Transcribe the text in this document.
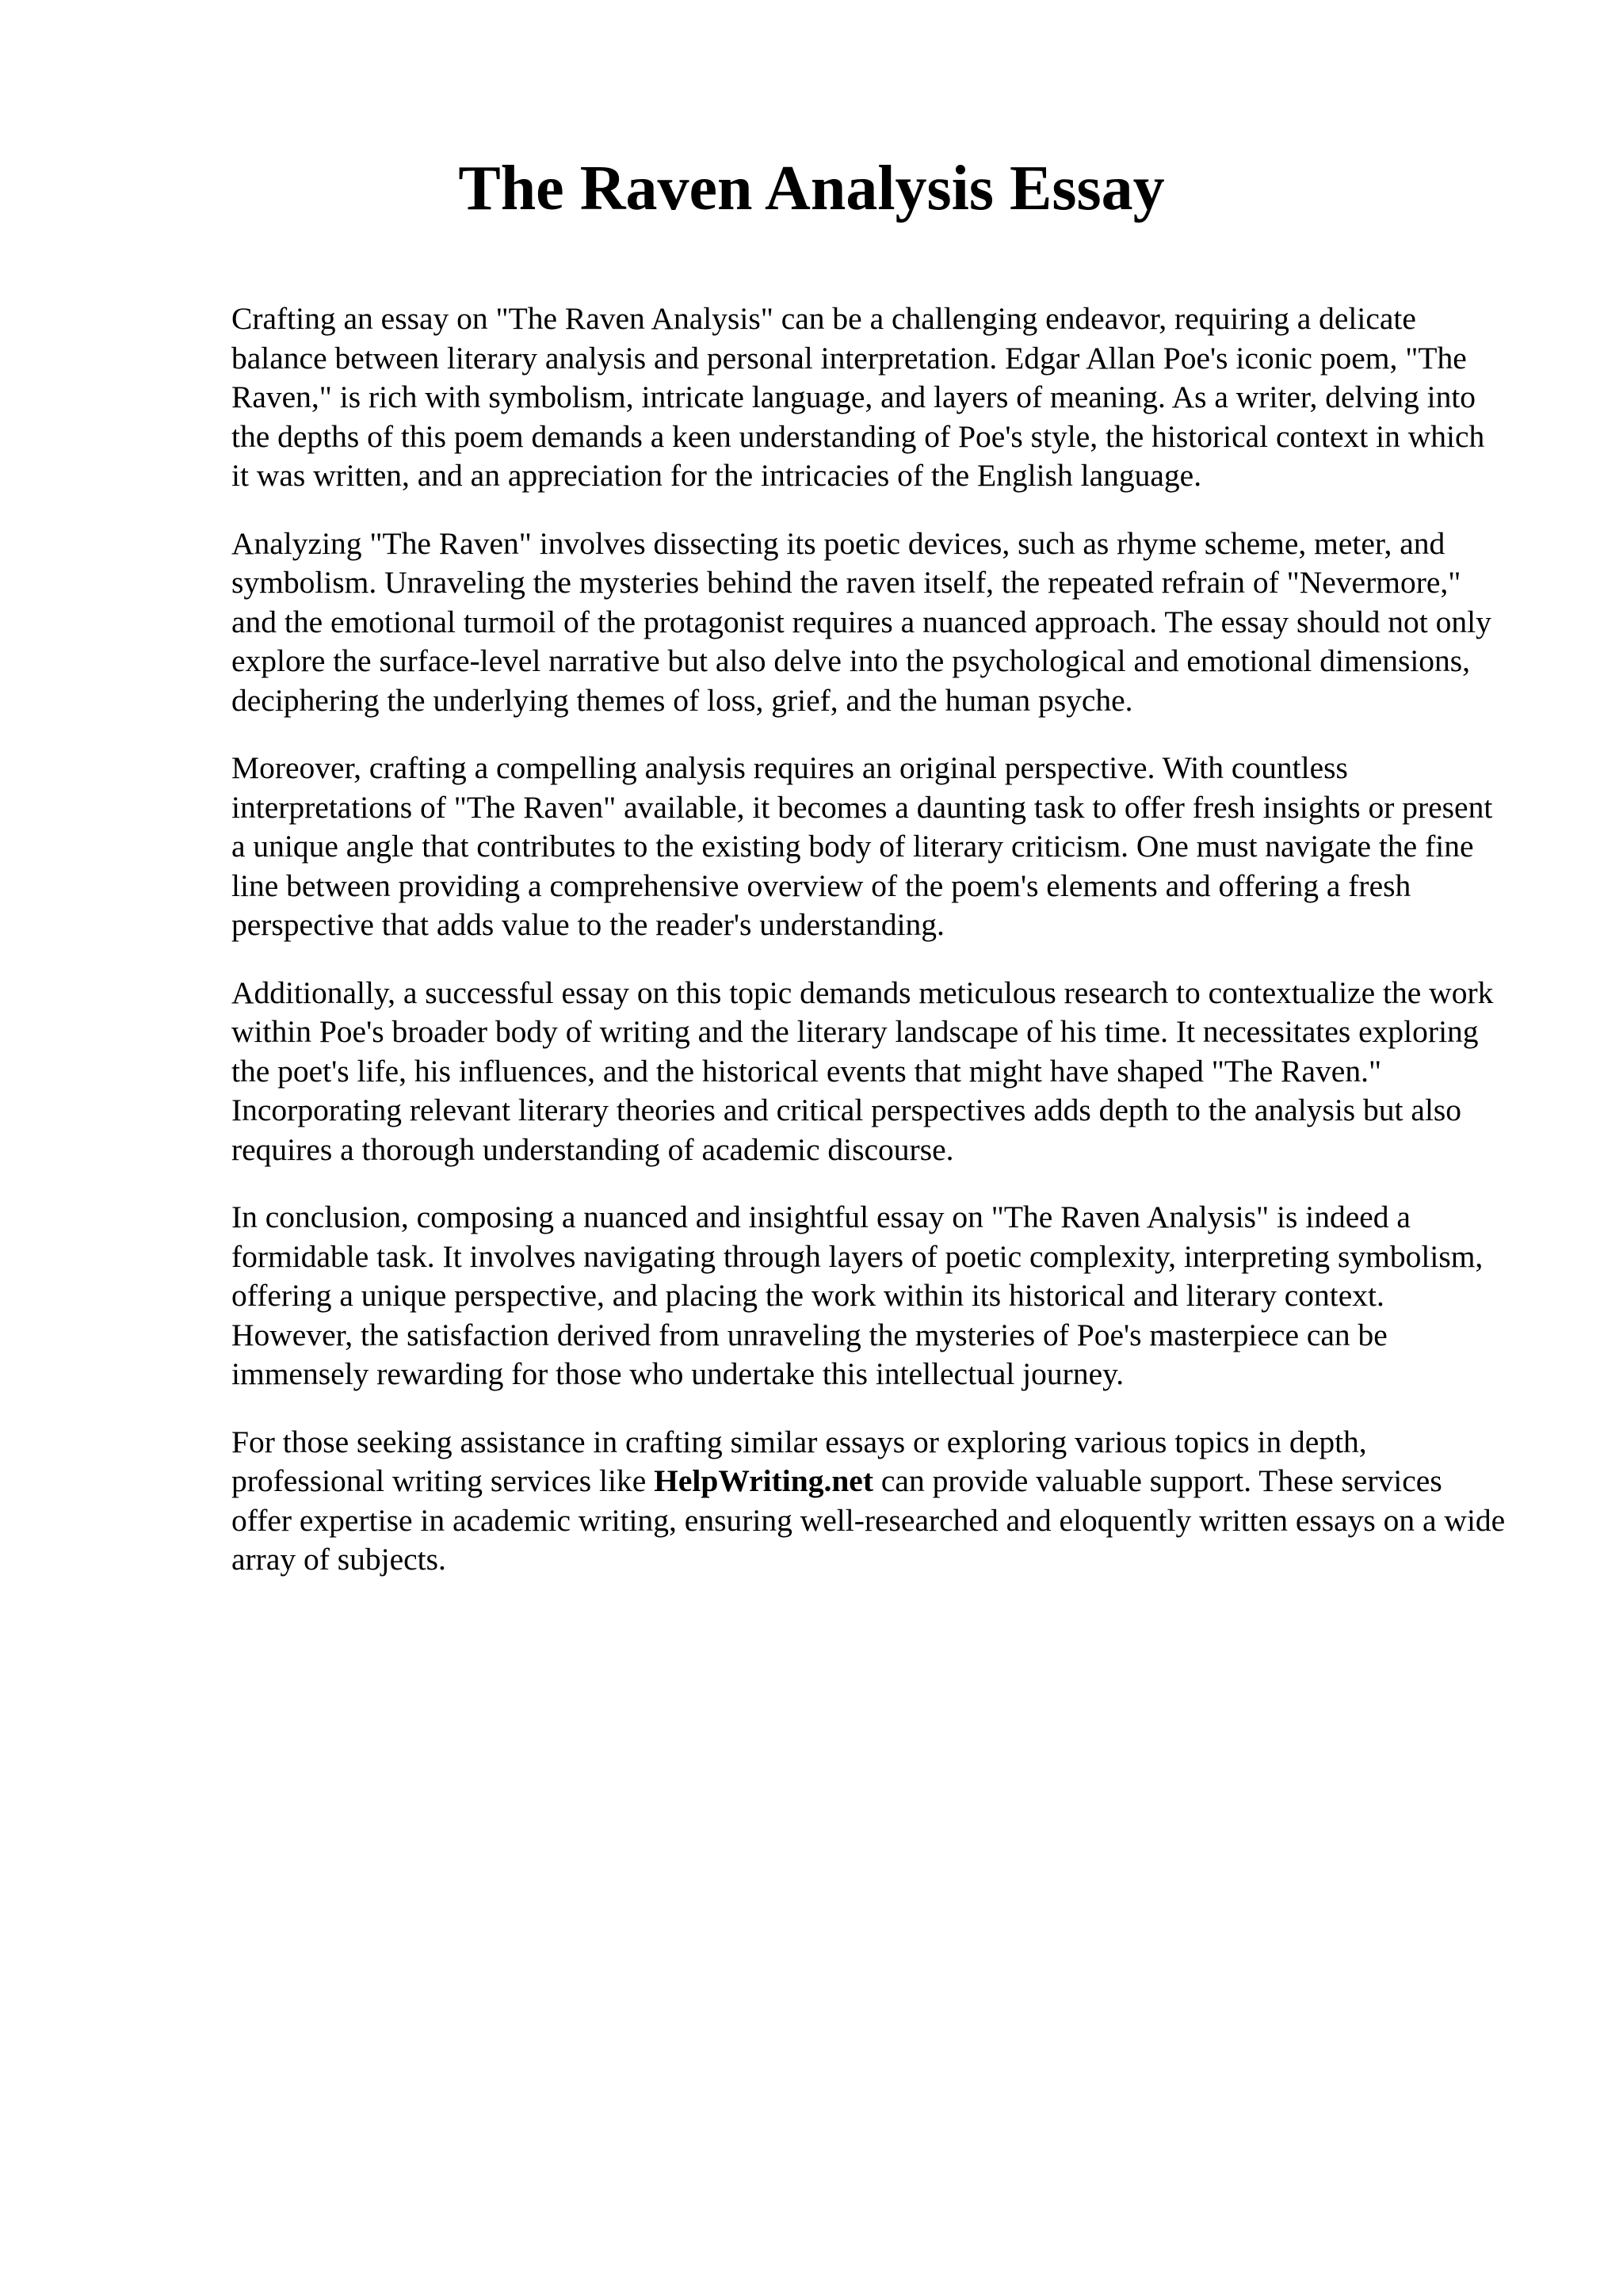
The Raven Analysis Essay

Crafting an essay on "The Raven Analysis" can be a challenging endeavor, requiring a delicate balance between literary analysis and personal interpretation. Edgar Allan Poe's iconic poem, "The Raven," is rich with symbolism, intricate language, and layers of meaning. As a writer, delving into the depths of this poem demands a keen understanding of Poe's style, the historical context in which it was written, and an appreciation for the intricacies of the English language.

Analyzing "The Raven" involves dissecting its poetic devices, such as rhyme scheme, meter, and symbolism. Unraveling the mysteries behind the raven itself, the repeated refrain of "Nevermore," and the emotional turmoil of the protagonist requires a nuanced approach. The essay should not only explore the surface-level narrative but also delve into the psychological and emotional dimensions, deciphering the underlying themes of loss, grief, and the human psyche.

Moreover, crafting a compelling analysis requires an original perspective. With countless interpretations of "The Raven" available, it becomes a daunting task to offer fresh insights or present a unique angle that contributes to the existing body of literary criticism. One must navigate the fine line between providing a comprehensive overview of the poem's elements and offering a fresh perspective that adds value to the reader's understanding.

Additionally, a successful essay on this topic demands meticulous research to contextualize the work within Poe's broader body of writing and the literary landscape of his time. It necessitates exploring the poet's life, his influences, and the historical events that might have shaped "The Raven." Incorporating relevant literary theories and critical perspectives adds depth to the analysis but also requires a thorough understanding of academic discourse.

In conclusion, composing a nuanced and insightful essay on "The Raven Analysis" is indeed a formidable task. It involves navigating through layers of poetic complexity, interpreting symbolism, offering a unique perspective, and placing the work within its historical and literary context. However, the satisfaction derived from unraveling the mysteries of Poe's masterpiece can be immensely rewarding for those who undertake this intellectual journey.

For those seeking assistance in crafting similar essays or exploring various topics in depth, professional writing services like HelpWriting.net can provide valuable support. These services offer expertise in academic writing, ensuring well-researched and eloquently written essays on a wide array of subjects.
